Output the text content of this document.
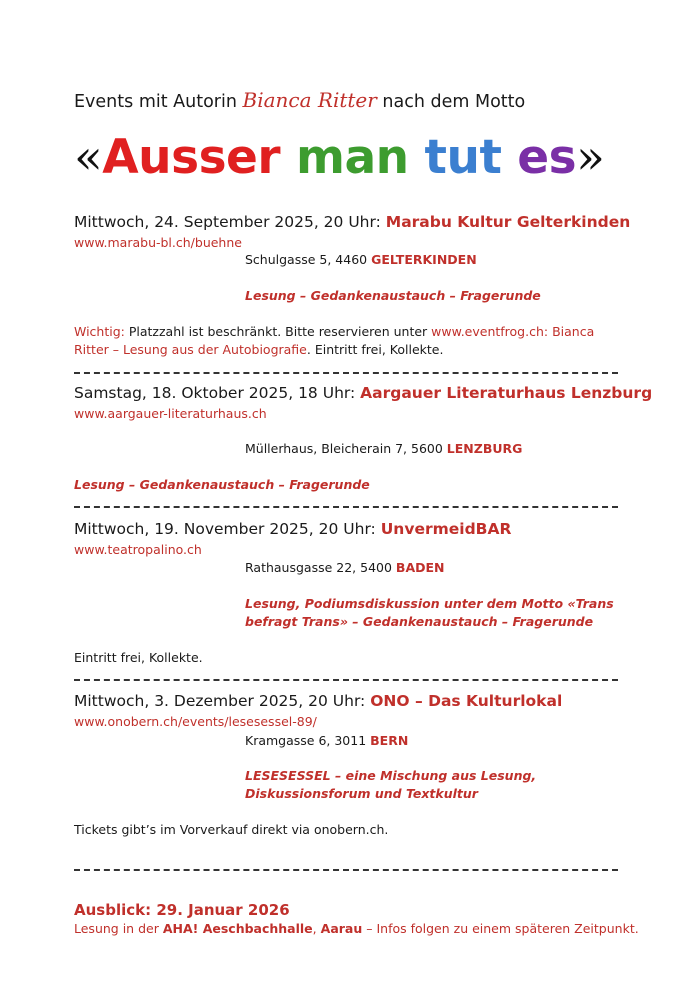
Events mit Autorin Bianca Ritter nach dem Motto
«Ausser man tut es»
Mittwoch, 24. September 2025, 20 Uhr: Marabu Kultur Gelterkinden
www.marabu-bl.ch/buehne
Schulgasse 5, 4460 GELTERKINDEN
Lesung – Gedankenaustauch – Fragerunde
Wichtig: Platzzahl ist beschränkt. Bitte reservieren unter www.eventfrog.ch: Bianca
Ritter – Lesung aus der Autobiografie. Eintritt frei, Kollekte.
Samstag, 18. Oktober 2025, 18 Uhr: Aargauer Literaturhaus Lenzburg
www.aargauer-literaturhaus.ch
Müllerhaus, Bleicherain 7, 5600 LENZBURG
Lesung – Gedankenaustauch – Fragerunde
Mittwoch, 19. November 2025, 20 Uhr: UnvermeidBAR
www.teatropalino.ch
Rathausgasse 22, 5400 BADEN
Lesung, Podiumsdiskussion unter dem Motto «Trans
befragt Trans» – Gedankenaustauch – Fragerunde
Eintritt frei, Kollekte.
Mittwoch, 3. Dezember 2025, 20 Uhr: ONO – Das Kulturlokal
www.onobern.ch/events/lesesessel-89/
Kramgasse 6, 3011 BERN
LESESESSEL – eine Mischung aus Lesung,
Diskussionsforum und Textkultur
Tickets gibt’s im Vorverkauf direkt via onobern.ch.
Ausblick: 29. Januar 2026
Lesung in der AHA! Aeschbachhalle, Aarau – Infos folgen zu einem späteren Zeitpunkt.
